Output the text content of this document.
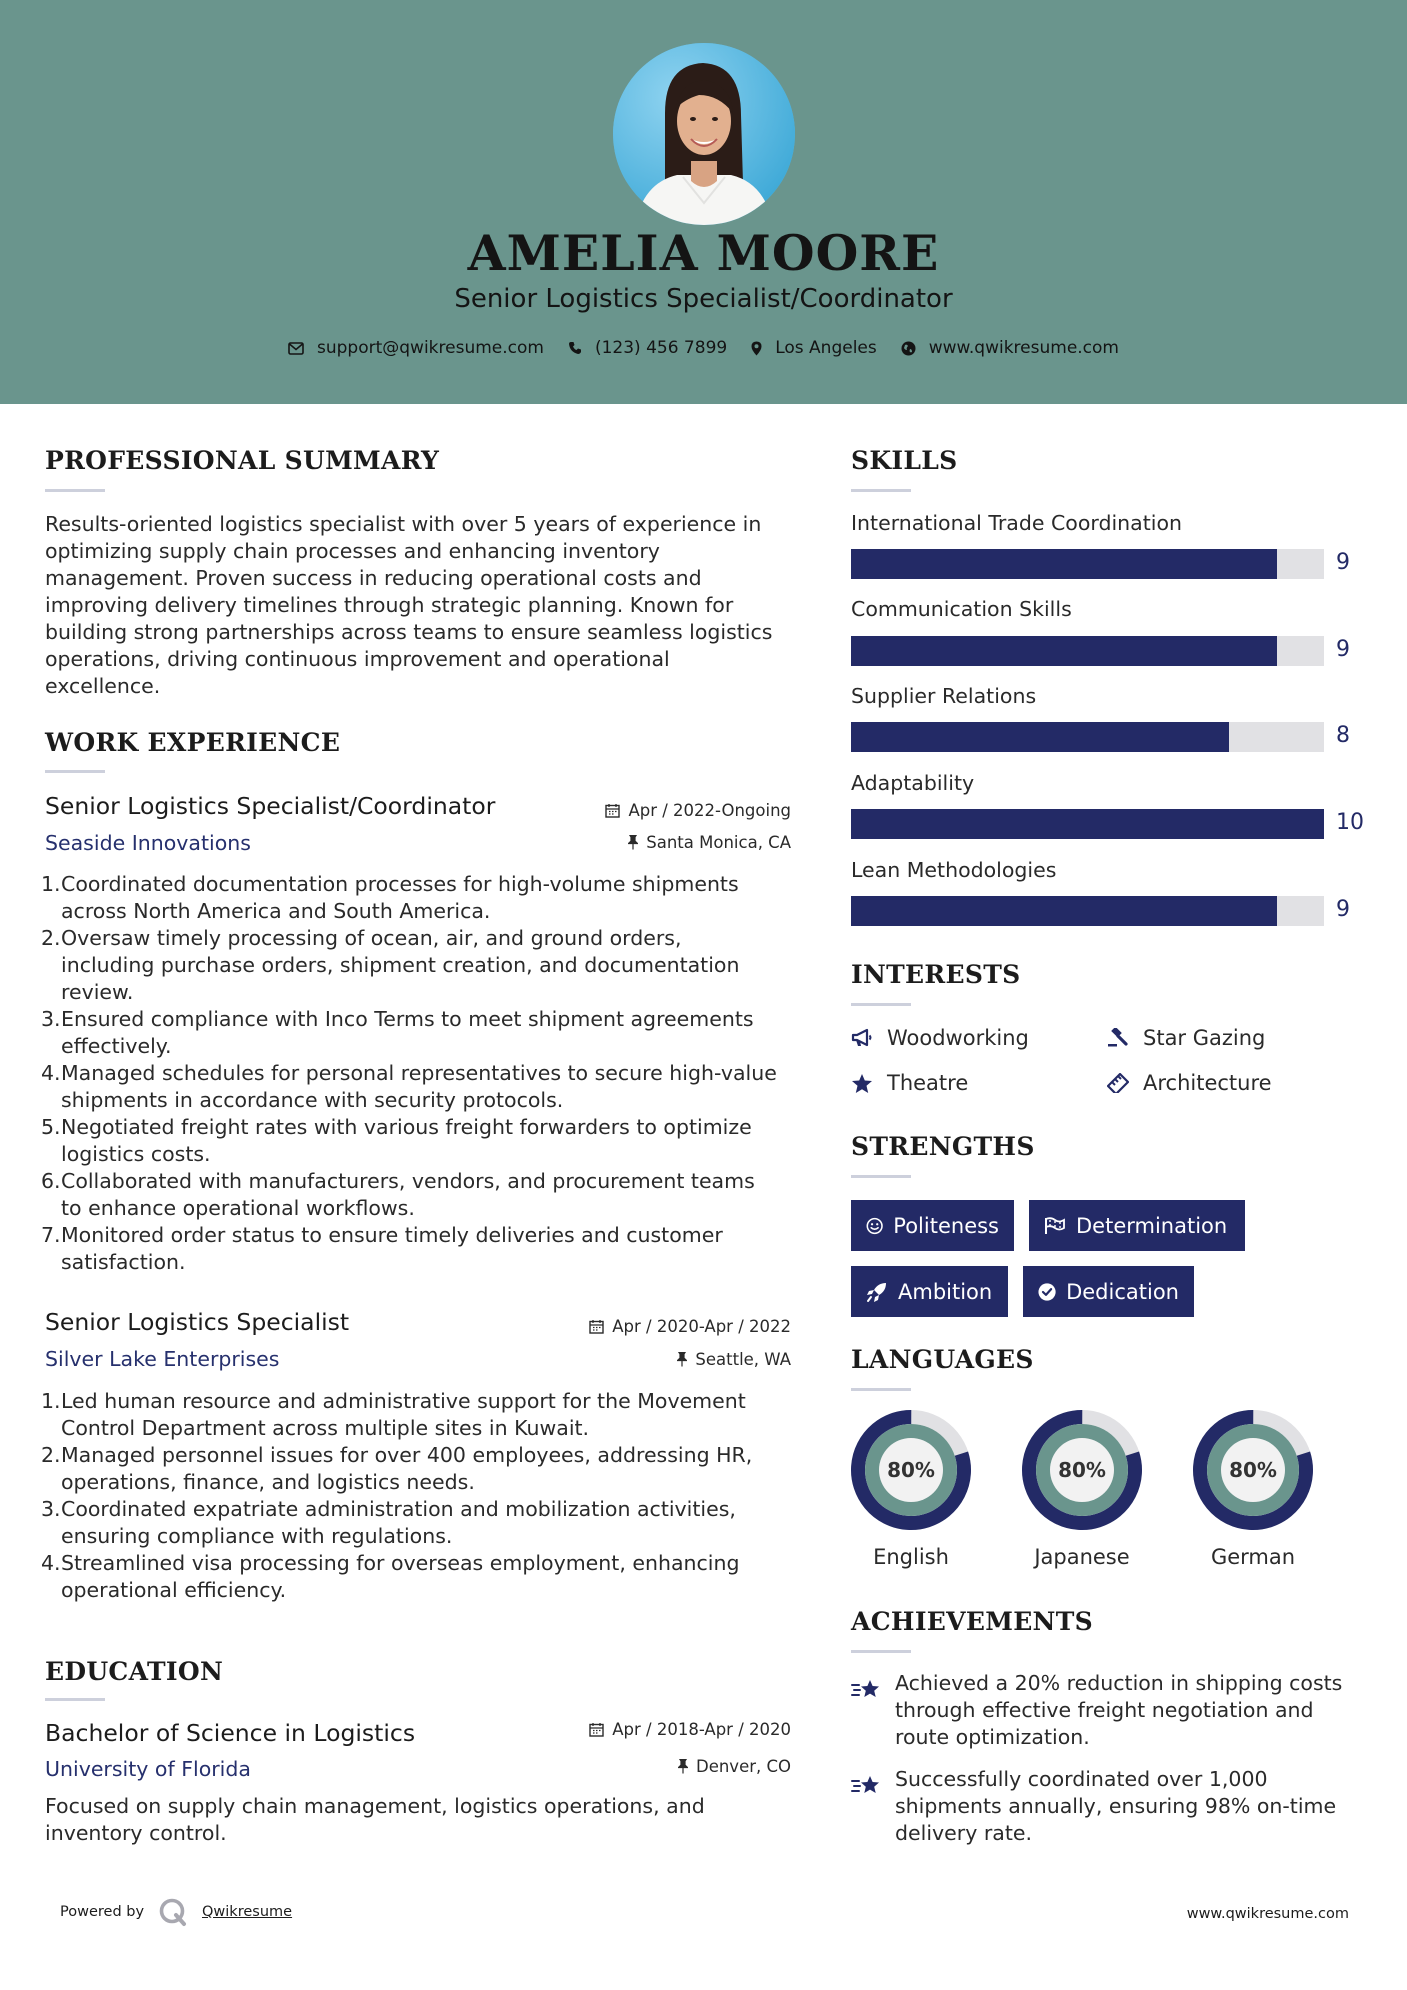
AMELIA MOORE
Senior Logistics Specialist/Coordinator
support@qwikresume.com	(123) 456 7899	Los Angeles	www.qwikresume.com
PROFESSIONAL SUMMARY
Results-oriented logistics specialist with over 5 years of experience in
optimizing supply chain processes and enhancing inventory
management. Proven success in reducing operational costs and
improving delivery timelines through strategic planning. Known for
building strong partnerships across teams to ensure seamless logistics
operations, driving continuous improvement and operational
excellence.
WORK EXPERIENCE
Senior Logistics Specialist/Coordinator	Apr / 2022-Ongoing
Seaside Innovations	Santa Monica, CA
1. Coordinated documentation processes for high-volume shipments
across North America and South America.
2. Oversaw timely processing of ocean, air, and ground orders,
including purchase orders, shipment creation, and documentation
review.
3. Ensured compliance with Inco Terms to meet shipment agreements
effectively.
4. Managed schedules for personal representatives to secure high-value
shipments in accordance with security protocols.
5. Negotiated freight rates with various freight forwarders to optimize
logistics costs.
6. Collaborated with manufacturers, vendors, and procurement teams
to enhance operational workflows.
7. Monitored order status to ensure timely deliveries and customer
satisfaction.
Senior Logistics Specialist	Apr / 2020-Apr / 2022
Silver Lake Enterprises	Seattle, WA
1. Led human resource and administrative support for the Movement
Control Department across multiple sites in Kuwait.
2. Managed personnel issues for over 400 employees, addressing HR,
operations, finance, and logistics needs.
3. Coordinated expatriate administration and mobilization activities,
ensuring compliance with regulations.
4. Streamlined visa processing for overseas employment, enhancing
operational efficiency.
EDUCATION
Bachelor of Science in Logistics	Apr / 2018-Apr / 2020
University of Florida	Denver, CO
Focused on supply chain management, logistics operations, and
inventory control.
SKILLS
International Trade Coordination
9
Communication Skills
9
Supplier Relations
8
Adaptability
10
Lean Methodologies
9
INTERESTS
Woodworking	Star Gazing
Theatre	Architecture
STRENGTHS
Politeness	Determination
Ambition	Dedication
LANGUAGES
80%
English
80%
Japanese
80%
German
ACHIEVEMENTS
Achieved a 20% reduction in shipping costs
through effective freight negotiation and
route optimization.
Successfully coordinated over 1,000
shipments annually, ensuring 98% on-time
delivery rate.
Powered by	Qwikresume	www.qwikresume.com
